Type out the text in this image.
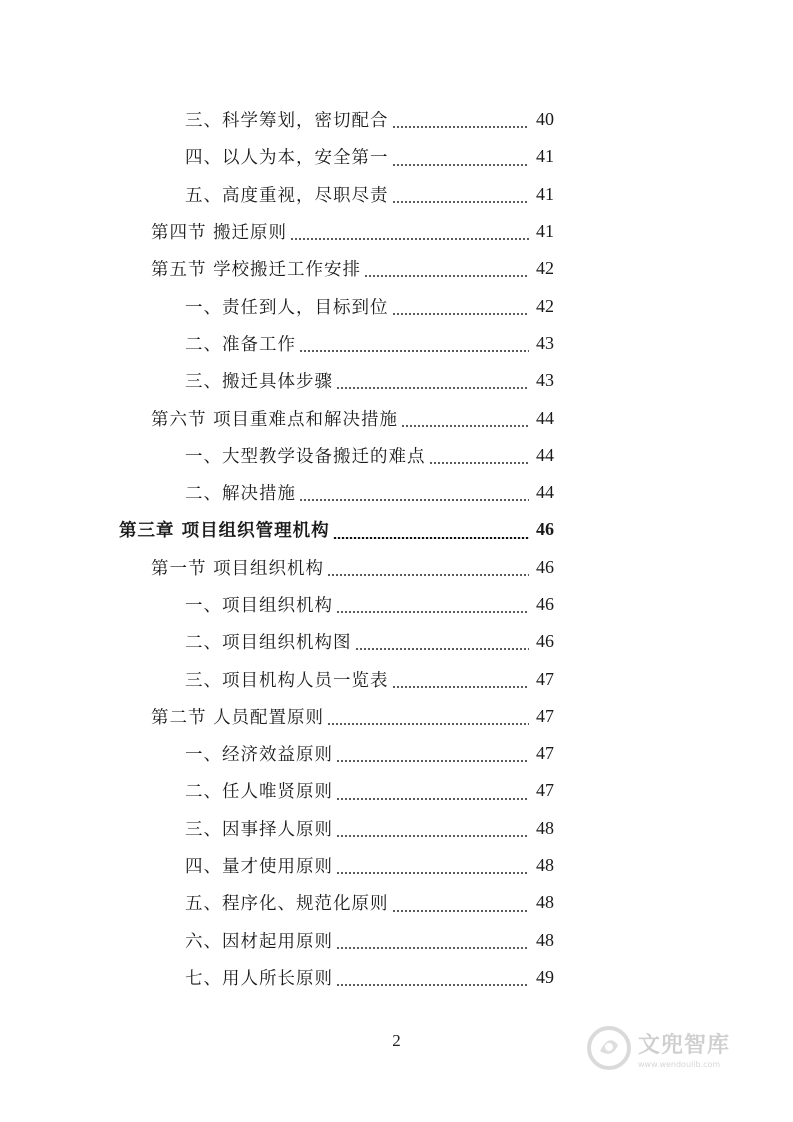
三、科学筹划，密切配合	40
四、以人为本，安全第一	41
五、高度重视，尽职尽责	41
第四节 搬迁原则	41
第五节 学校搬迁工作安排	42
一、责任到人，目标到位	42
二、准备工作	43
三、搬迁具体步骤	43
第六节 项目重难点和解决措施	44
一、大型教学设备搬迁的难点	44
二、解决措施	44
第三章 项目组织管理机构	46
第一节 项目组织机构	46
一、项目组织机构	46
二、项目组织机构图	46
三、项目机构人员一览表	47
第二节 人员配置原则	47
一、经济效益原则	47
二、任人唯贤原则	47
三、因事择人原则	48
四、量才使用原则	48
五、程序化、规范化原则	48
六、因材起用原则	48
七、用人所长原则	49
2	文兜智库
www.wendoulib.com
